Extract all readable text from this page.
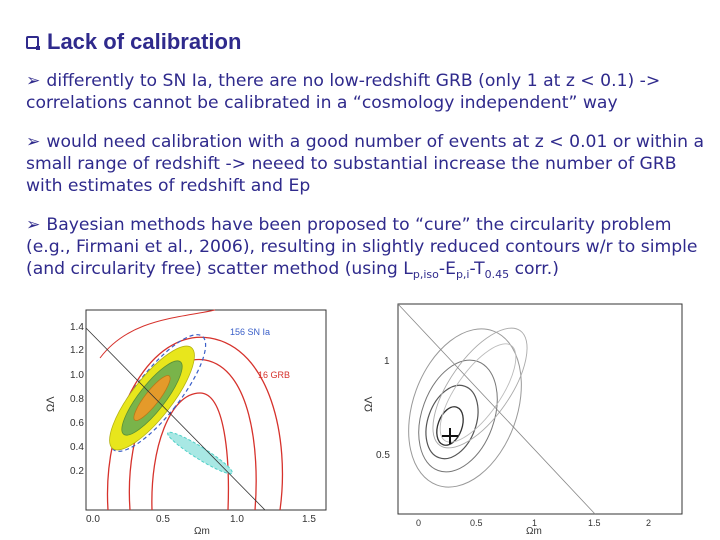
Lack of calibration
➢ differently to SN Ia, there are no low-redshift GRB (only 1 at z < 0.1) -> correlations cannot be calibrated in a “cosmology independent” way
➢ would need calibration with a good number of events at z < 0.01 or within a small range of redshift -> neeed to substantial increase the number of GRB with estimates of redshift and Ep
➢ Bayesian methods have been proposed to “cure” the circularity problem (e.g., Firmani et al., 2006), resulting in slightly reduced contours w/r to simple (and circularity free) scatter method (using $L_{p,iso}-E_{p,i}-T_{0.45}$ corr.)
1.4
1.2
1.0
0.8
0.6
0.4
0.2
ΩΛ
0.0	0.5	1.0	1.5
Ωm
156 SN Ia
16 GRB
1
0.5
ΩΛ
0	0.5	1	1.5	2
Ωm
